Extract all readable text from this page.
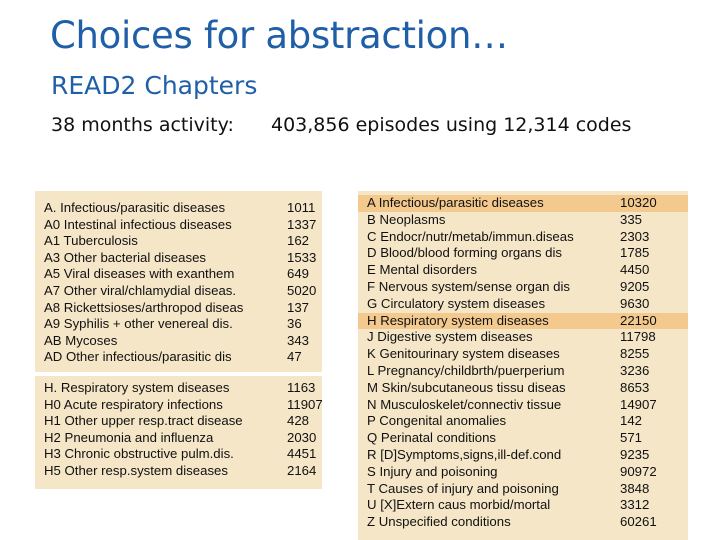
Choices for abstraction…
READ2 Chapters
38 months activity: 403,856 episodes using 12,314 codes
A. Infectious/parasitic diseases	1011
A0 Intestinal infectious diseases	1337
A1 Tuberculosis	162
A3 Other bacterial diseases	1533
A5 Viral diseases with exanthem	649
A7 Other viral/chlamydial diseas.	5020
A8 Rickettsioses/arthropod diseas	137
A9 Syphilis + other venereal dis.	36
AB Mycoses	343
AD Other infectious/parasitic dis	47
H. Respiratory system diseases	1163
H0 Acute respiratory infections	11907
H1 Other upper resp.tract disease	428
H2 Pneumonia and influenza	2030
H3 Chronic obstructive pulm.dis.	4451
H5 Other resp.system diseases	2164
A Infectious/parasitic diseases	10320
B Neoplasms	335
C Endocr/nutr/metab/immun.diseas	2303
D Blood/blood forming organs dis	1785
E Mental disorders	4450
F Nervous system/sense organ dis	9205
G Circulatory system diseases	9630
H Respiratory system diseases	22150
J Digestive system diseases	11798
K Genitourinary system diseases	8255
L Pregnancy/childbrth/puerperium	3236
M Skin/subcutaneous tissu diseas	8653
N Musculoskelet/connectiv tissue	14907
P Congenital anomalies	142
Q Perinatal conditions	571
R [D]Symptoms,signs,ill-def.cond	9235
S Injury and poisoning	90972
T Causes of injury and poisoning	3848
U [X]Extern caus morbid/mortal	3312
Z Unspecified conditions	60261
